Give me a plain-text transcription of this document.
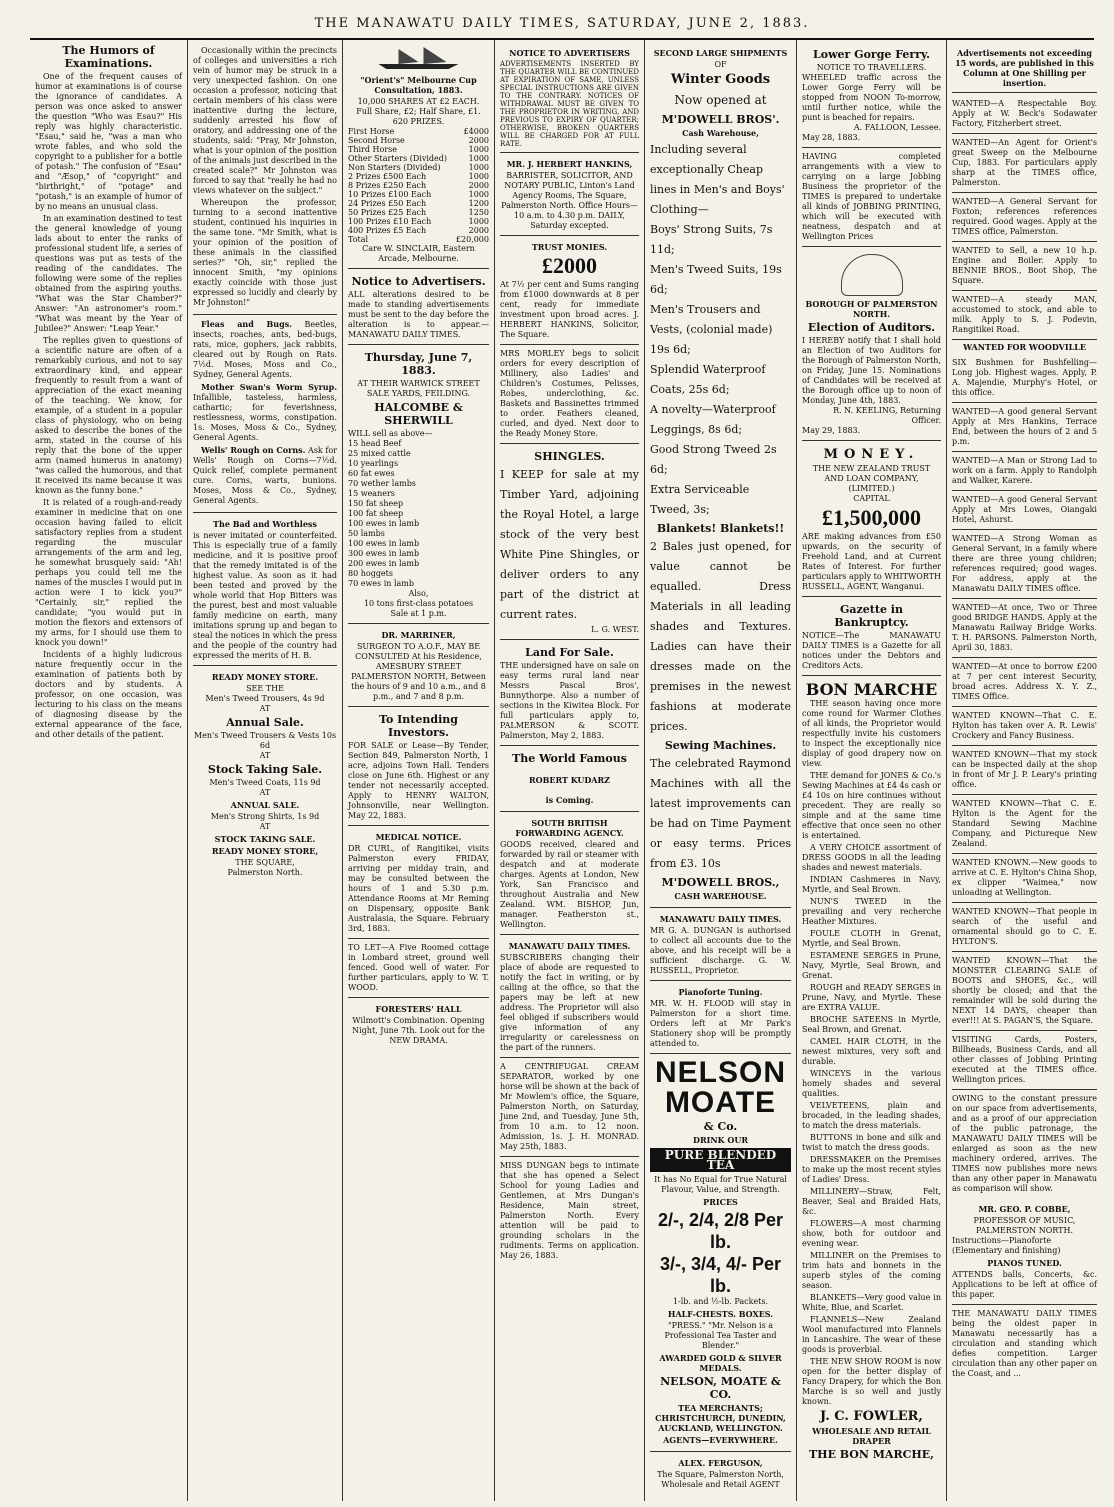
THE MANAWATU DAILY TIMES, SATURDAY, JUNE 2, 1883.
The Humors of Examinations.

One of the frequent causes of humor at examinations is of course the ignorance of candidates. A person was once asked to answer the question "Who was Esau?" His reply was highly characteristic. "Esau," said he, "was a man who wrote fables, and who sold the copyright to a publisher for a bottle of potash." The confusion of "Esau" and "Æsop," of "copyright" and "birthright," of "potage" and "potash," is an example of humor of by no means an unusual class.

In an examination destined to test the general knowledge of young lads about to enter the ranks of professional student life, a series of questions was put as tests of the reading of the candidates. The following were some of the replies obtained from the aspiring youths. "What was the Star Chamber?" Answer: "An astronomer's room." "What was meant by the Year of Jubilee?" Answer: "Leap Year."

The replies given to questions of a scientific nature are often of a remarkably curious, and not to say extraordinary kind, and appear frequently to result from a want of appreciation of the exact meaning of the teaching. We know, for example, of a student in a popular class of physiology, who on being asked to describe the bones of the arm, stated in the course of his reply that the bone of the upper arm (named humerus in anatomy) "was called the humorous, and that it received its name because it was known as the funny bone."

It is related of a rough-and-ready examiner in medicine that on one occasion having failed to elicit satisfactory replies from a student regarding the muscular arrangements of the arm and leg, he somewhat brusquely said: "Ah! perhaps you could tell me the names of the muscles I would put in action were I to kick you?" "Certainly, sir," replied the candidate; "you would put in motion the flexors and extensors of my arms, for I should use them to knock you down!"

Incidents of a highly ludicrous nature frequently occur in the examination of patients both by doctors and by students. A professor, on one occasion, was lecturing to his class on the means of diagnosing disease by the external appearance of the face, and other details of the patient.

Occasionally within the precincts of colleges and universities a rich vein of humor may be struck in a very unexpected fashion. On one occasion a professor, noticing that certain members of his class were inattentive during the lecture, suddenly arrested his flow of oratory, and addressing one of the students, said: "Pray, Mr Johnston, what is your opinion of the position of the animals just described in the created scale?" Mr Johnston was forced to say that "really he had no views whatever on the subject."

Whereupon the professor, turning to a second inattentive student, continued his inquiries in the same tone. "Mr Smith, what is your opinion of the position of these animals in the classified series?" "Oh, sir," replied the innocent Smith, "my opinions exactly coincide with those just expressed so lucidly and clearly by Mr Johnston!"

Fleas and Bugs. Beetles, insects, roaches, ants, bed-bugs, rats, mice, gophers, jack rabbits, cleared out by Rough on Rats. 7½d. Moses, Moss and Co., Sydney, General Agents.

Mother Swan's Worm Syrup. Infallible, tasteless, harmless, cathartic; for feverishness, restlessness, worms, constipation. 1s. Moses, Moss & Co., Sydney, General Agents.

Wells' Rough on Corns. Ask for Wells' Rough on Corns—7½d. Quick relief, complete permanent cure. Corns, warts, bunions. Moses, Moss & Co., Sydney, General Agents.

The Bad and Worthless
is never imitated or counterfeited. This is especially true of a family medicine, and it is positive proof that the remedy imitated is of the highest value. As soon as it had been tested and proved by the whole world that Hop Bitters was the purest, best and most valuable family medicine on earth, many imitations sprung up and began to steal the notices in which the press and the people of the country had expressed the merits of H. B.
READY MONEY STORE.
SEE THE
Men's Tweed Trousers, 4s 9d
AT
Annual Sale.
Men's Tweed Trousers & Vests 10s 6d
AT
Stock Taking Sale.
Men's Tweed Coats, 11s 9d
AT
ANNUAL SALE.
Men's Strong Shirts, 1s 9d
AT
STOCK TAKING SALE.
READY MONEY STORE,
THE SQUARE,
Palmerston North.
"Orient's" Melbourne Cup Consultation, 1883.
10,000 SHARES AT £2 EACH.
Full Share, £2; Half Share, £1.
620 PRIZES.
First Horse	£4000
Second Horse	2000
Third Horse	1000
Other Starters (Divided)	1000
Non Starters (Divided)	1000
2 Prizes £500 Each	1000
8 Prizes £250 Each	2000
10 Prizes £100 Each	1000
24 Prizes £50 Each	1200
50 Prizes £25 Each	1250
100 Prizes £10 Each	1000
400 Prizes £5 Each	2000
Total	£20,000
Care W. SINCLAIR, Eastern Arcade, Melbourne.
Notice to Advertisers.
ALL alterations desired to be made to standing advertisements must be sent to the day before the alteration is to appear.—MANAWATU DAILY TIMES.
Thursday, June 7, 1883.
AT THEIR WARWICK STREET SALE YARDS, FEILDING.
HALCOMBE & SHERWILL
WILL sell as above—
15 head Beef
25 mixed cattle
10 yearlings
60 fat ewes
70 wether lambs
15 weaners
150 fat sheep
100 fat sheep
100 ewes in lamb
50 lambs
100 ewes in lamb
300 ewes in lamb
200 ewes in lamb
80 hoggets
70 ewes in lamb
Also,
10 tons first-class potatoes
Sale at 1 p.m.
DR. MARRINER,
SURGEON TO A.O.F., MAY BE CONSULTED At his Residence, AMESBURY STREET PALMERSTON NORTH, Between the hours of 9 and 10 a.m., and 8 p.m., and 7 and 8 p.m.
To Intending Investors.
FOR SALE or Lease—By Tender, Section 849, Palmerston North, 1 acre, adjoins Town Hall. Tenders close on June 6th. Highest or any tender not necessarily accepted. Apply to HENRY WALTON, Johnsonville, near Wellington. May 22, 1883.
MEDICAL NOTICE.
DR CURL, of Rangitikei, visits Palmerston every FRIDAY, arriving per midday train, and may be consulted between the hours of 1 and 5.30 p.m. Attendance Rooms at Mr Reming on Dispensary, opposite Bank Australasia, the Square. February 3rd, 1883.
TO LET—A Five Roomed cottage in Lombard street, ground well fenced. Good well of water. For further particulars, apply to W. T. WOOD.
FORESTERS' HALL
Wilmott's Combination. Opening Night, June 7th. Look out for the NEW DRAMA.
NOTICE TO ADVERTISERS
ADVERTISEMENTS INSERTED BY THE QUARTER WILL BE CONTINUED AT EXPIRATION OF SAME, UNLESS SPECIAL INSTRUCTIONS ARE GIVEN TO THE CONTRARY. NOTICES OF WITHDRAWAL MUST BE GIVEN TO THE PROPRIETOR IN WRITING, AND PREVIOUS TO EXPIRY OF QUARTER; OTHERWISE, BROKEN QUARTERS WILL BE CHARGED FOR AT FULL RATE.
MR. J. HERBERT HANKINS,
BARRISTER, SOLICITOR, AND NOTARY PUBLIC, Linton's Land Agency Rooms, The Square, Palmerston North. Office Hours—10 a.m. to 4.30 p.m. DAILY, Saturday excepted.
TRUST MONIES.
£2000
At 7½ per cent and Sums ranging from £1000 downwards at 8 per cent, ready for immediate investment upon broad acres. J. HERBERT HANKINS, Solicitor, The Square.
MRS MORLEY begs to solicit orders for every description of Millinery, also Ladies' and Children's Costumes, Pelisses, Robes, underclothing, &c. Baskets and Bassinettes trimmed to order. Feathers cleaned, curled, and dyed. Next door to the Ready Money Store.
SHINGLES.
I KEEP for sale at my Timber Yard, adjoining the Royal Hotel, a large stock of the very best White Pine Shingles, or deliver orders to any part of the district at current rates.
L. G. WEST.
Land For Sale.
THE undersigned have on sale on easy terms rural land near Messrs Pascal Bros', Bunnythorpe. Also a number of sections in the Kiwitea Block. For full particulars apply to, PALMERSON & SCOTT. Palmerston, May 2, 1883.
The World Famous
ROBERT KUDARZ
is Coming.
SOUTH BRITISH FORWARDING AGENCY.
GOODS received, cleared and forwarded by rail or steamer with despatch and at moderate charges. Agents at London, New York, San Francisco and throughout Australia and New Zealand. WM. BISHOP, Jun, manager. Featherston st., Wellington.
MANAWATU DAILY TIMES.
SUBSCRIBERS changing their place of abode are requested to notify the fact in writing, or by calling at the office, so that the papers may be left at new address. The Proprietor will also feel obliged if subscribers would give information of any irregularity or carelessness on the part of the runners.
A CENTRIFUGAL CREAM SEPARATOR, worked by one horse will be shown at the back of Mr Mowlem's office, the Square, Palmerston North, on Saturday, June 2nd, and Tuesday, June 5th, from 10 a.m. to 12 noon. Admission, 1s. J. H. MONRAD. May 25th, 1883.
MISS DUNGAN begs to intimate that she has opened a Select School for young Ladies and Gentlemen, at Mrs Dungan's Residence, Main street, Palmerston North. Every attention will be paid to grounding scholars in the rudiments. Terms on application. May 26, 1883.
SECOND LARGE SHIPMENTS
OF
Winter Goods
Now opened at
M'DOWELL BROS'.
Cash Warehouse,
Including several exceptionally Cheap lines in Men's and Boys' Clothing—
Boys' Strong Suits, 7s 11d;
Men's Tweed Suits, 19s 6d;
Men's Trousers and Vests, (colonial made) 19s 6d;
Splendid Waterproof Coats, 25s 6d;
A novelty—Waterproof Leggings, 8s 6d;
Good Strong Tweed 2s 6d;
Extra Serviceable Tweed, 3s;
Blankets! Blankets!!
2 Bales just opened, for value cannot be equalled. Dress Materials in all leading shades and Textures. Ladies can have their dresses made on the premises in the newest fashions at moderate prices.
Sewing Machines.
The celebrated Raymond Machines with all the latest improvements can be had on Time Payment or easy terms. Prices from £3. 10s
M'DOWELL BROS.,
CASH WAREHOUSE.
MANAWATU DAILY TIMES.
MR G. A. DUNGAN is authorised to collect all accounts due to the above, and his receipt will be a sufficient discharge. G. W. RUSSELL, Proprietor.
Pianoforte Tuning.
MR. W. H. FLOOD will stay in Palmerston for a short time. Orders left at Mr Park's Stationery shop will be promptly attended to.
NELSON
MOATE
& Co.
DRINK OUR
PURE BLENDED TEA
It has No Equal for True Natural Flavour, Value, and Strength.
PRICES
2/-, 2/4, 2/8 Per lb.
3/-, 3/4, 4/- Per lb.
1-lb. and ½-lb. Packets.
HALF-CHESTS. BOXES.
"PRESS." "Mr. Nelson is a Professional Tea Taster and Blender."
AWARDED GOLD & SILVER MEDALS.
NELSON, MOATE & CO.
TEA MERCHANTS; CHRISTCHURCH, DUNEDIN, AUCKLAND, WELLINGTON.
AGENTS—EVERYWHERE.
ALEX. FERGUSON,
The Square, Palmerston North, Wholesale and Retail AGENT
Lower Gorge Ferry.
NOTICE TO TRAVELLERS.
WHEELED traffic across the Lower Gorge Ferry will be stopped from NOON To-morrow, until further notice, while the punt is beached for repairs.
A. FALLOON, Lessee.
May 28, 1883.
HAVING completed arrangements with a view to carrying on a large Jobbing Business the proprietor of the TIMES is prepared to undertake all kinds of JOBBING PRINTING, which will be executed with neatness, despatch and at Wellington Prices
BOROUGH OF PALMERSTON NORTH.
Election of Auditors.
I HEREBY notify that I shall hold an Election of two Auditors for the Borough of Palmerston North, on Friday, June 15. Nominations of Candidates will be received at the Borough office up to noon of Monday, June 4th, 1883.
R. N. KEELING, Returning Officer.
May 29, 1883.
MONEY.
THE NEW ZEALAND TRUST AND LOAN COMPANY, (LIMITED.)
CAPITAL
£1,500,000
ARE making advances from £50 upwards, on the security of Freehold Land, and at Current Rates of Interest. For further particulars apply to WHITWORTH RUSSELL, AGENT, Wanganui.
Gazette in Bankruptcy.
NOTICE—The MANAWATU DAILY TIMES is a Gazette for all notices under the Debtors and Creditors Acts.
BON MARCHE

THE season having once more come round for Warmer Clothes of all kinds, the Proprietor would respectfully invite his customers to inspect the exceptionally nice display of good drapery now on view.

THE demand for JONES & Co.'s Sewing Machines at £4 4s cash or £4 10s on hire continues without precedent. They are really so simple and at the same time effective that once seen no other is entertained.

A VERY CHOICE assortment of DRESS GOODS in all the leading shades and newest materials.

INDIAN Cashmeres in Navy, Myrtle, and Seal Brown.

NUN'S TWEED in the prevailing and very recherche Heather Mixtures.

FOULE CLOTH in Grenat, Myrtle, and Seal Brown.

ESTAMENE SERGES in Prune, Navy, Myrtle, Seal Brown, and Grenat.

ROUGH and READY SERGES in Prune, Navy, and Myrtle. These are EXTRA VALUE.

BROCHE SATEENS in Myrtle, Seal Brown, and Grenat.

CAMEL HAIR CLOTH, in the newest mixtures, very soft and durable.

WINCEYS in the various homely shades and several qualities.

VELVETEENS, plain and brocaded, in the leading shades, to match the dress materials.

BUTTONS in bone and silk and twist to match the dress goods.

DRESSMAKER on the Premises to make up the most recent styles of Ladies' Dress.

MILLINERY—Straw, Felt, Beaver, Seal and Braided Hats, &c.

FLOWERS—A most charming show, both for outdoor and evening wear.

MILLINER on the Premises to trim hats and bonnets in the superb styles of the coming season.

BLANKETS—Very good value in White, Blue, and Scarlet.

FLANNELS—New Zealand Wool manufactured into Flannels in Lancashire. The wear of these goods is proverbial.

THE NEW SHOW ROOM is now open for the better display of Fancy Drapery, for which the Bon Marche is so well and justly known.

J. C. FOWLER,
WHOLESALE AND RETAIL DRAPER
THE BON MARCHE,
Advertisements not exceeding 15 words, are published in this Column at One Shilling per insertion.
WANTED—A Respectable Boy. Apply at W. Beck's Sodawater Factory, Fitzherbert street.
WANTED—An Agent for Orient's great Sweep on the Melbourne Cup, 1883. For particulars apply sharp at the TIMES office, Palmerston.
WANTED—A General Servant for Foxton; references references required. Good wages. Apply at the TIMES office, Palmerston.
WANTED to Sell, a new 10 h.p. Engine and Boiler. Apply to BENNIE BROS., Boot Shop, The Square.
WANTED—A steady MAN, accustomed to stock, and able to milk. Apply to S. J. Podevin, Rangitikei Road.
WANTED FOR WOODVILLE
SIX Bushmen for Bushfelling—Long job. Highest wages. Apply, P. A. Majendie, Murphy's Hotel, or this office.
WANTED—A good general Servant Apply at Mrs Hankins, Terrace End, between the hours of 2 and 5 p.m.
WANTED—A Man or Strong Lad to work on a farm. Apply to Randolph and Walker, Karere.
WANTED—A good General Servant Apply at Mrs Lowes, Oiangaki Hotel, Ashurst.
WANTED—A Strong Woman as General Servant, in a family where there are three young children; references required; good wages. For address, apply at the Manawatu DAILY TIMES office.
WANTED—At once, Two or Three good BRIDGE HANDS. Apply at the Manawatu Railway Bridge Works. T. H. PARSONS. Palmerston North, April 30, 1883.
WANTED—At once to borrow £200 at 7 per cent interest Security, broad acres. Address X. Y. Z., TIMES Office.
WANTED KNOWN—That C. E. Hylton has taken over A. R. Lewis' Crockery and Fancy Business.
WANTED KNOWN—That my stock can be inspected daily at the shop in front of Mr J. P. Leary's printing office.
WANTED KNOWN—That C. E. Hylton is the Agent for the Standard Sewing Machine Company, and Pictureque New Zealand.
WANTED KNOWN.—New goods to arrive at C. E. Hylton's China Shop, ex clipper "Waimea," now unloading at Wellington.
WANTED KNOWN—That people in search of the useful and ornamental should go to C. E. HYLTON'S.
WANTED KNOWN—That the MONSTER CLEARING SALE of BOOTS and SHOES, &c., will shortly be closed; and that the remainder will be sold during the NEXT 14 DAYS, cheaper than ever!!! At S. PAGAN'S, the Square.
VISITING Cards, Posters, Billheads, Business Cards, and all other classes of Jobbing Printing executed at the TIMES office. Wellington prices.
OWING to the constant pressure on our space from advertisements, and as a proof of our appreciation of the public patronage, the MANAWATU DAILY TIMES will be enlarged as soon as the new machinery ordered, arrives. The TIMES now publishes more news than any other paper in Manawatu as comparison will show.
MR. GEO. P. COBBE,
PROFESSOR OF MUSIC, PALMERSTON NORTH.
Instructions—Pianoforte (Elementary and finishing)
PIANOS TUNED.
ATTENDS balls, Concerts, &c. Applications to be left at office of this paper.
THE MANAWATU DAILY TIMES being the oldest paper in Manawatu necessarily has a circulation and standing which defies competition. Larger circulation than any other paper on the Coast, and ...
